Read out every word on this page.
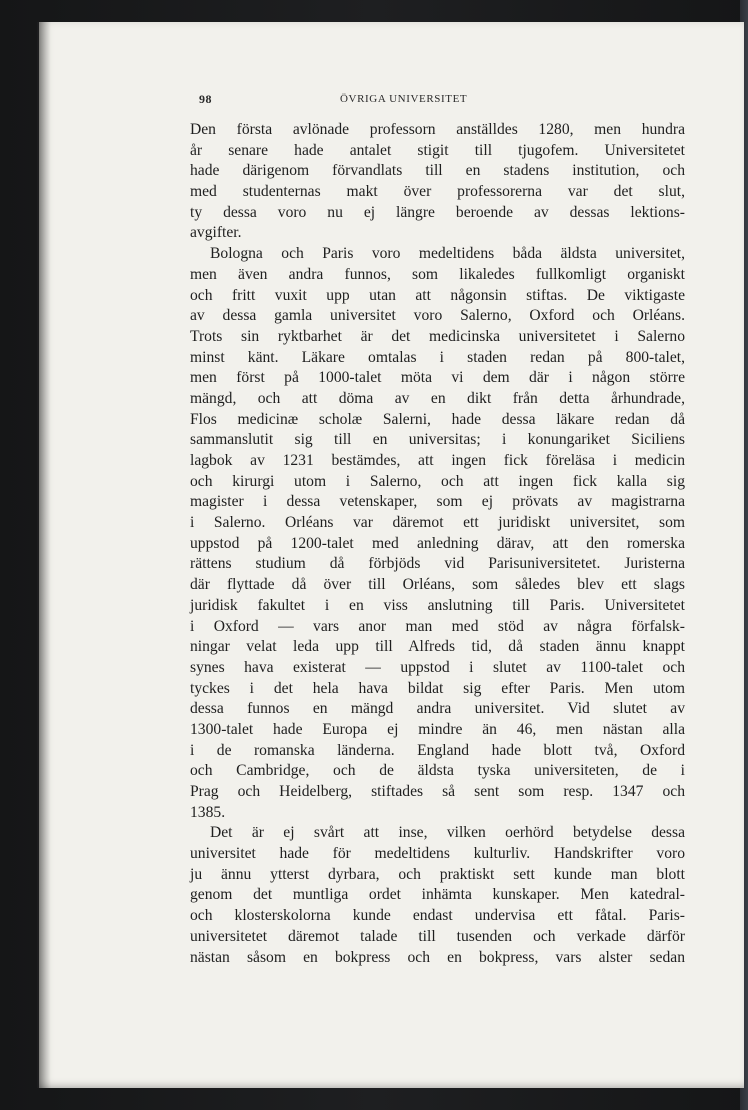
98	ÖVRIGA UNIVERSITET
Den första avlönade professorn anställdes 1280, men hundra
år senare hade antalet stigit till tjugofem. Universitetet
hade därigenom förvandlats till en stadens institution, och
med studenternas makt över professorerna var det slut,
ty dessa voro nu ej längre beroende av dessas lektions-
avgifter.
Bologna och Paris voro medeltidens båda äldsta universitet,
men även andra funnos, som likaledes fullkomligt organiskt
och fritt vuxit upp utan att någonsin stiftas. De viktigaste
av dessa gamla universitet voro Salerno, Oxford och Orléans.
Trots sin ryktbarhet är det medicinska universitetet i Salerno
minst känt. Läkare omtalas i staden redan på 800-talet,
men först på 1000-talet möta vi dem där i någon större
mängd, och att döma av en dikt från detta århundrade,
Flos medicinæ scholæ Salerni, hade dessa läkare redan då
sammanslutit sig till en universitas; i konungariket Siciliens
lagbok av 1231 bestämdes, att ingen fick föreläsa i medicin
och kirurgi utom i Salerno, och att ingen fick kalla sig
magister i dessa vetenskaper, som ej prövats av magistrarna
i Salerno. Orléans var däremot ett juridiskt universitet, som
uppstod på 1200-talet med anledning därav, att den romerska
rättens studium då förbjöds vid Parisuniversitetet. Juristerna
där flyttade då över till Orléans, som således blev ett slags
juridisk fakultet i en viss anslutning till Paris. Universitetet
i Oxford — vars anor man med stöd av några förfalsk-
ningar velat leda upp till Alfreds tid, då staden ännu knappt
synes hava existerat — uppstod i slutet av 1100-talet och
tyckes i det hela hava bildat sig efter Paris. Men utom
dessa funnos en mängd andra universitet. Vid slutet av
1300-talet hade Europa ej mindre än 46, men nästan alla
i de romanska länderna. England hade blott två, Oxford
och Cambridge, och de äldsta tyska universiteten, de i
Prag och Heidelberg, stiftades så sent som resp. 1347 och
1385.
Det är ej svårt att inse, vilken oerhörd betydelse dessa
universitet hade för medeltidens kulturliv. Handskrifter voro
ju ännu ytterst dyrbara, och praktiskt sett kunde man blott
genom det muntliga ordet inhämta kunskaper. Men katedral-
och klosterskolorna kunde endast undervisa ett fåtal. Paris-
universitetet däremot talade till tusenden och verkade därför
nästan såsom en bokpress och en bokpress, vars alster sedan
